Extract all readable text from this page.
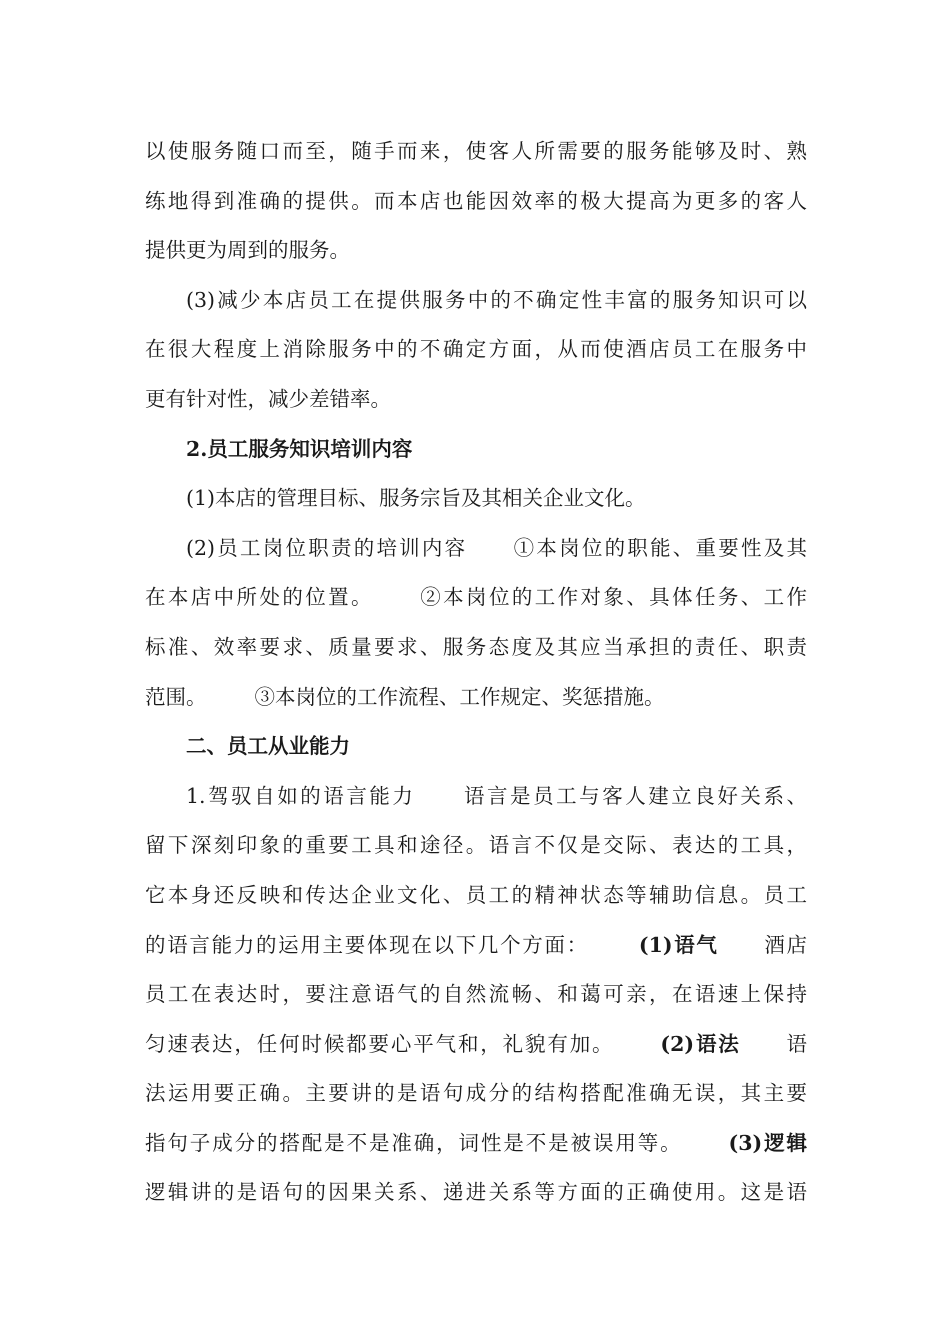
以使服务随口而至，随手而来，使客人所需要的服务能够及时、熟
练地得到准确的提供。而本店也能因效率的极大提高为更多的客人
提供更为周到的服务。
(3)减少本店员工在提供服务中的不确定性丰富的服务知识可以
在很大程度上消除服务中的不确定方面，从而使酒店员工在服务中
更有针对性，减少差错率。
2.员工服务知识培训内容
(1)本店的管理目标、服务宗旨及其相关企业文化。
(2)员工岗位职责的培训内容 ①本岗位的职能、重要性及其
在本店中所处的位置。 ②本岗位的工作对象、具体任务、工作
标准、效率要求、质量要求、服务态度及其应当承担的责任、职责
范围。 ③本岗位的工作流程、工作规定、奖惩措施。
二、员工从业能力
1.驾驭自如的语言能力 语言是员工与客人建立良好关系、
留下深刻印象的重要工具和途径。语言不仅是交际、表达的工具，
它本身还反映和传达企业文化、员工的精神状态等辅助信息。员工
的语言能力的运用主要体现在以下几个方面： (1)语气 酒店
员工在表达时，要注意语气的自然流畅、和蔼可亲，在语速上保持
匀速表达，任何时候都要心平气和，礼貌有加。 (2)语法 语
法运用要正确。主要讲的是语句成分的结构搭配准确无误，其主要
指句子成分的搭配是不是准确，词性是不是被误用等。 (3)逻辑
逻辑讲的是语句的因果关系、递进关系等方面的正确使用。这是语
